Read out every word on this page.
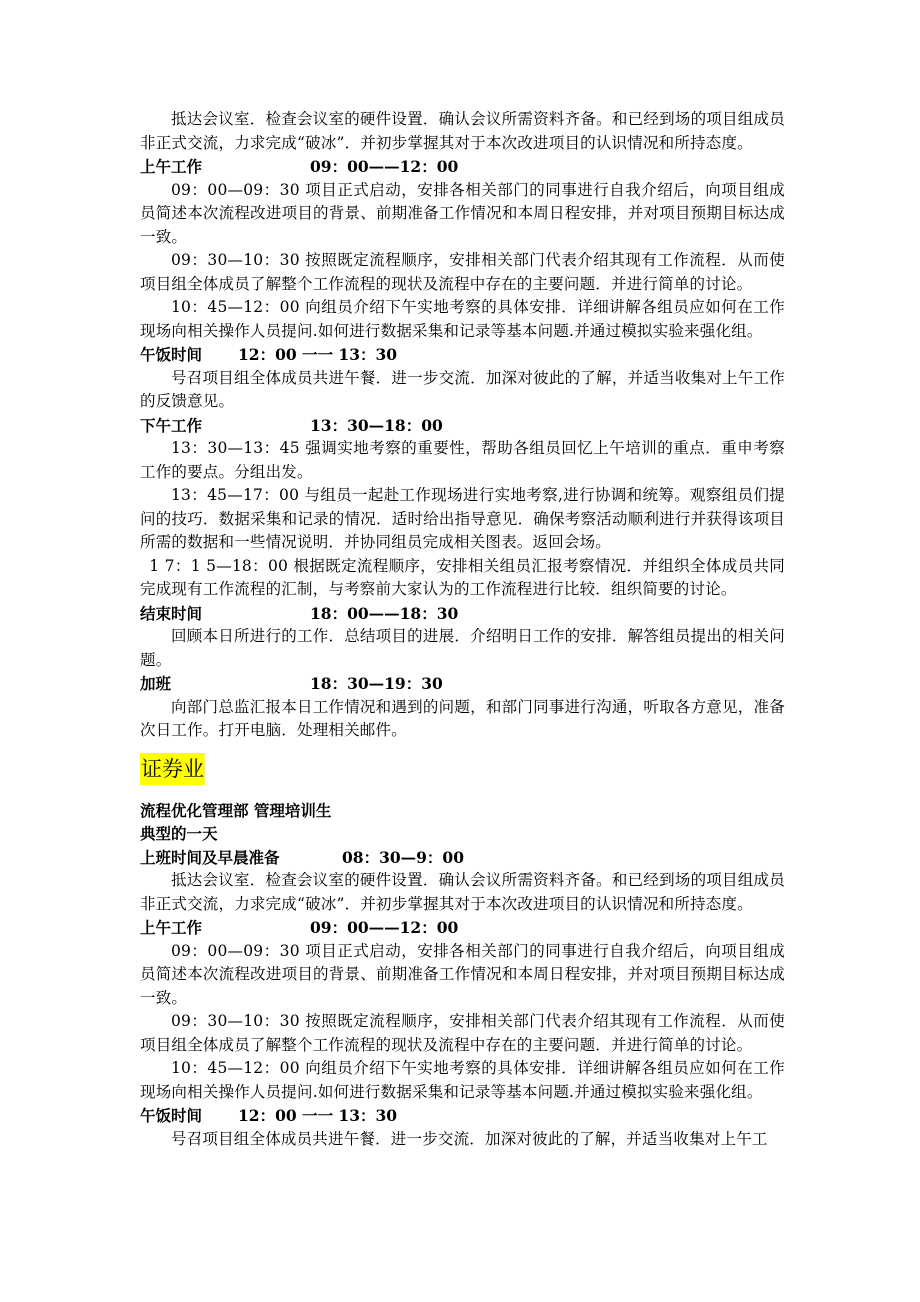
抵达会议室．检查会议室的硬件设置．确认会议所需资料齐备。和已经到场的项目组成员非正式交流，力求完成“破冰”．并初步掌握其对于本次改进项目的认识情况和所持态度。

上午工作	09：00——12：00

09：00—09：30 项目正式启动，安排各相关部门的同事进行自我介绍后，向项目组成员简述本次流程改进项目的背景、前期准备工作情况和本周日程安排，并对项目预期目标达成一致。

09：30—10：30 按照既定流程顺序，安排相关部门代表介绍其现有工作流程．从而使项目组全体成员了解整个工作流程的现状及流程中存在的主要问题．并进行简单的讨论。

10：45—12：00 向组员介绍下午实地考察的具体安排．详细讲解各组员应如何在工作现场向相关操作人员提问.如何进行数据采集和记录等基本问题.并通过模拟实验来强化组。

午饭时间 12：00 一一 13：30

号召项目组全体成员共进午餐．进一步交流．加深对彼此的了解，并适当收集对上午工作的反馈意见。

下午工作	13：30—18：00

13：30—13：45 强调实地考察的重要性，帮助各组员回忆上午培训的重点．重申考察工作的要点。分组出发。

13：45—17：00 与组员一起赴工作现场进行实地考察,进行协调和统筹。观察组员们提问的技巧．数据采集和记录的情况．适时给出指导意见．确保考察活动顺利进行并获得该项目所需的数据和一些情况说明．并协同组员完成相关图表。返回会场。

1 7：1 5—18：00 根据既定流程顺序，安排相关组员汇报考察情况．并组织全体成员共同完成现有工作流程的汇制，与考察前大家认为的工作流程进行比较．组织简要的讨论。

结束时间	18：00——18：30

回顾本日所进行的工作．总结项目的进展．介绍明日工作的安排．解答组员提出的相关问题。

加班	18：30—19：30

向部门总监汇报本日工作情况和遇到的问题，和部门同事进行沟通，听取各方意见，准备次日工作。打开电脑．处理相关邮件。

证券业

流程优化管理部 管理培训生

典型的一天

上班时间及早晨准备	08：30—9：00

抵达会议室．检查会议室的硬件设置．确认会议所需资料齐备。和已经到场的项目组成员非正式交流，力求完成“破冰”．并初步掌握其对于本次改进项目的认识情况和所持态度。

上午工作	09：00——12：00

09：00—09：30 项目正式启动，安排各相关部门的同事进行自我介绍后，向项目组成员简述本次流程改进项目的背景、前期准备工作情况和本周日程安排，并对项目预期目标达成一致。

09：30—10：30 按照既定流程顺序，安排相关部门代表介绍其现有工作流程．从而使项目组全体成员了解整个工作流程的现状及流程中存在的主要问题．并进行简单的讨论。

10：45—12：00 向组员介绍下午实地考察的具体安排．详细讲解各组员应如何在工作现场向相关操作人员提问.如何进行数据采集和记录等基本问题.并通过模拟实验来强化组。

午饭时间 12：00 一一 13：30

号召项目组全体成员共进午餐．进一步交流．加深对彼此的了解，并适当收集对上午工
